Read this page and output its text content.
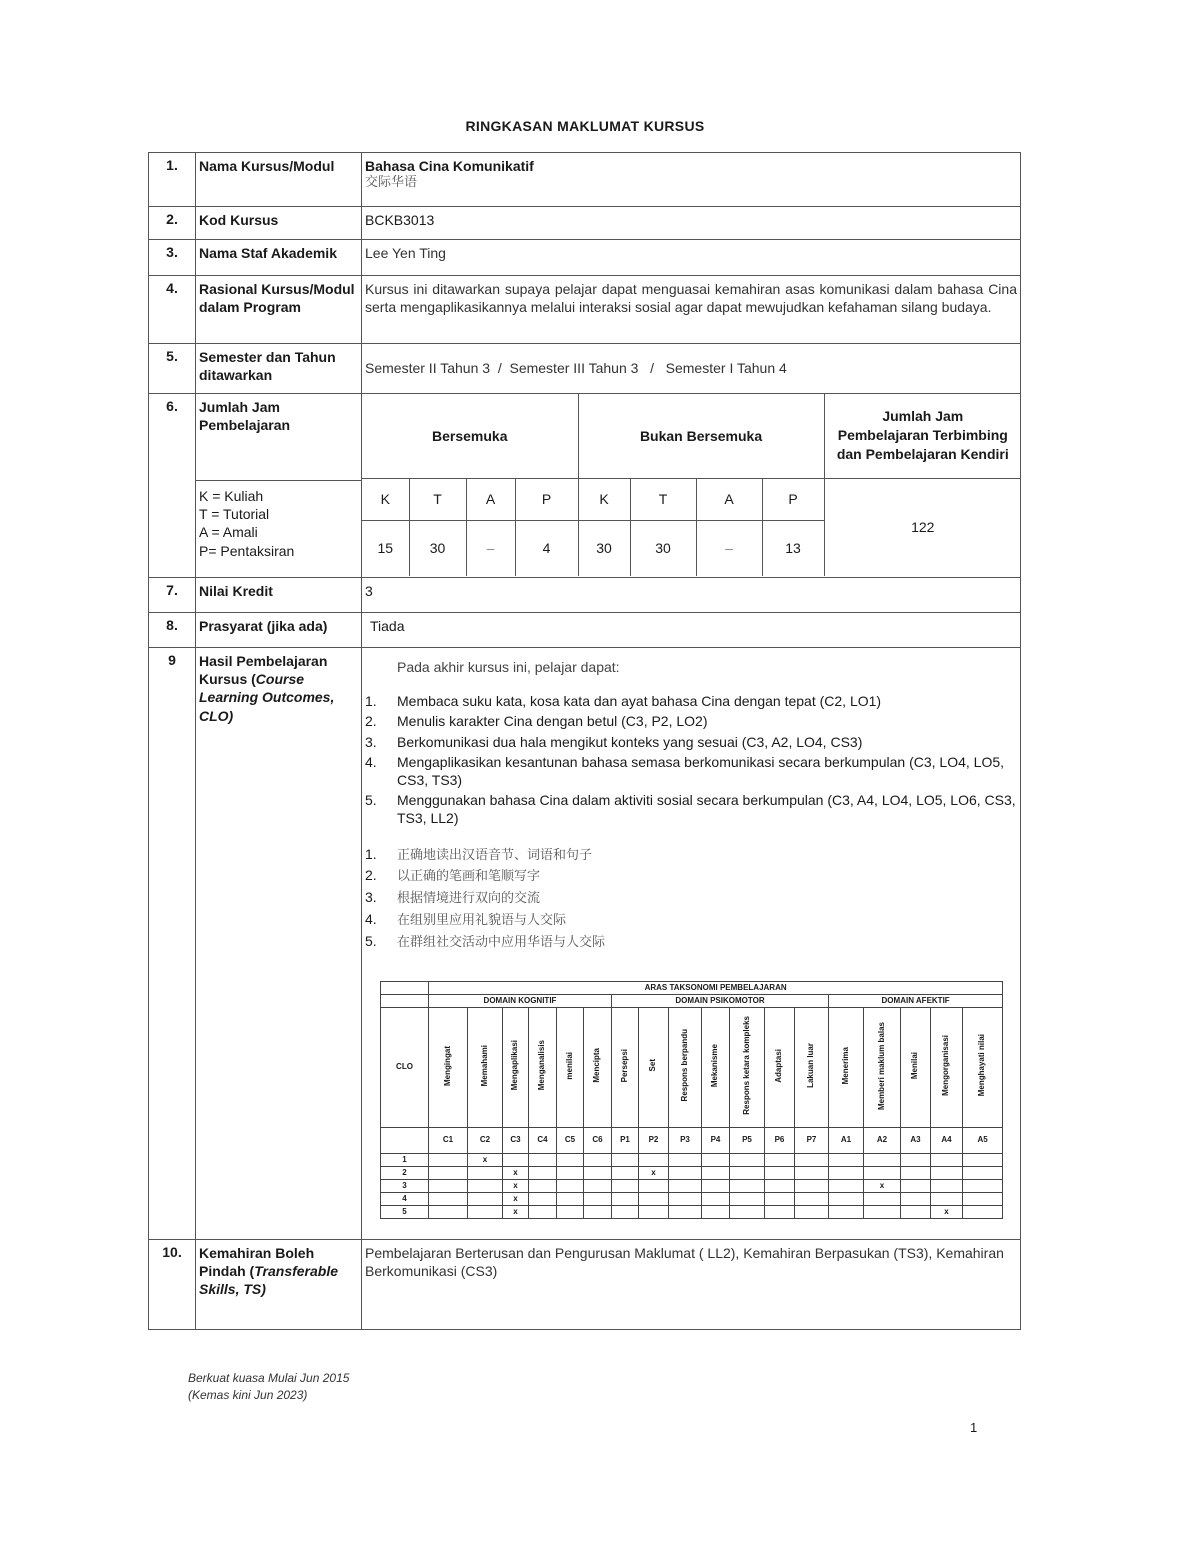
RINGKASAN MAKLUMAT KURSUS
1.	Nama Kursus/Modul	Bahasa Cina Komunikatif
交际华语

2.	Kod Kursus	BCKB3013
3.	Nama Staf Akademik	Lee Yen Ting
4.	Rasional Kursus/Modul dalam Program	Kursus ini ditawarkan supaya pelajar dapat menguasai kemahiran asas komunikasi dalam bahasa Cina serta mengaplikasikannya melalui interaksi sosial agar dapat mewujudkan kefahaman silang budaya.
5.	Semester dan Tahun ditawarkan	Semester II Tahun 3  /  Semester III Tahun 3   /   Semester I Tahun 4
6.	Jumlah Jam Pembelajaran
K = Kuliah
T = Tutorial
A = Amali
P= Pentaksiran

Bersemuka	Bukan Bersemuka	Jumlah Jam Pembelajaran Terbimbing dan Pembelajaran Kendiri
K	T	A	P	K	T	A	P	122
15	30	–	4	30	30	–	13

7.	Nilai Kredit	3
8.	Prasyarat (jika ada)	Tiada
9	Hasil Pembelajaran Kursus (Course Learning Outcomes, CLO)	
Pada akhir kursus ini, pelajar dapat:
1. Membaca suku kata, kosa kata dan ayat bahasa Cina dengan tepat (C2, LO1)
2. Menulis karakter Cina dengan betul (C3, P2, LO2)
3. Berkomunikasi dua hala mengikut konteks yang sesuai (C3, A2, LO4, CS3)
4. Mengaplikasikan kesantunan bahasa semasa berkomunikasi secara berkumpulan (C3, LO4, LO5, CS3, TS3)
5. Menggunakan bahasa Cina dalam aktiviti sosial secara berkumpulan (C3, A4, LO4, LO5, LO6, CS3, TS3, LL2)
1. 正确地读出汉语音节、词语和句子
2. 以正确的笔画和笔顺写字
3. 根据情境进行双向的交流
4. 在组别里应用礼貌语与人交际
5. 在群组社交活动中应用华语与人交际
	ARAS TAKSONOMI PEMBELAJARAN
	DOMAIN KOGNITIF	DOMAIN PSIKOMOTOR	DOMAIN AFEKTIF
CLO	Mengingat	Memahami	Mengaplikasi	Menganalisis	menilai	Mencipta	Persepsi	Set	Respons berpandu	Mekanisme	Respons ketara kompleks	Adaptasi	Lakuan luar	Menerima	Memberi maklum balas	Menilai	Mengorganisasi	Menghayati nilai
	C1	C2	C3	C4	C5	C6	P1	P2	P3	P4	P5	P6	P7	A1	A2	A3	A4	A5
1		x																
2			x					x										
3			x												x			
4			x															
5			x														x	

10.	Kemahiran Boleh Pindah (Transferable Skills, TS)	Pembelajaran Berterusan dan Pengurusan Maklumat ( LL2), Kemahiran Berpasukan (TS3), Kemahiran Berkomunikasi (CS3)
Berkuat kuasa Mulai Jun 2015
(Kemas kini Jun 2023)
1
